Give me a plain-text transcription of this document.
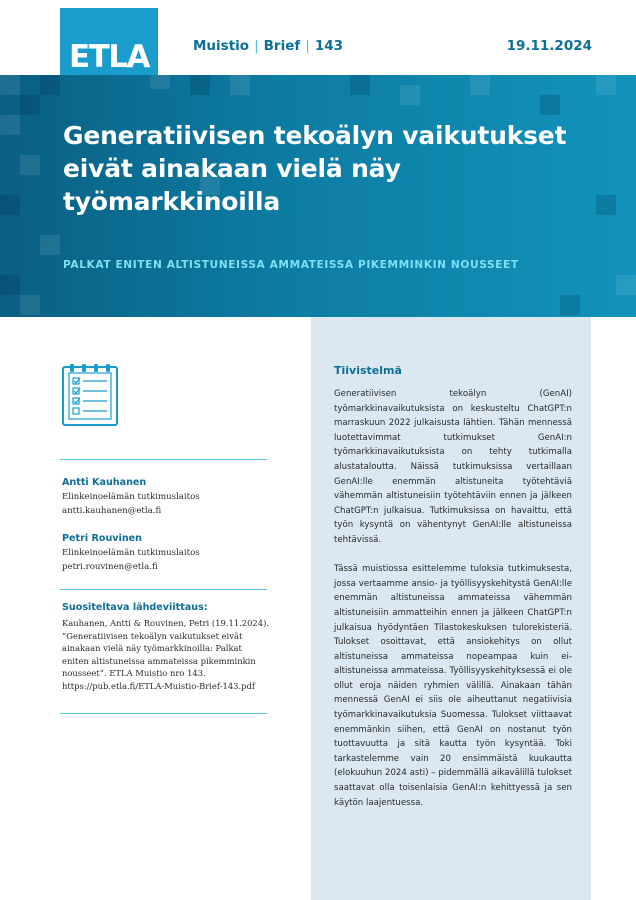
ETLA	Muistio | Brief | 143	19.11.2024
Generatiivisen tekoälyn vaikutukset
eivät ainakaan vielä näy
työmarkkinoilla
PALKAT ENITEN ALTISTUNEISSA AMMATEISSA PIKEMMINKIN NOUSSEET
Antti Kauhanen
Elinkeinoelämän tutkimuslaitos
antti.kauhanen@etla.fi
Petri Rouvinen
Elinkeinoelämän tutkimuslaitos
petri.rouvinen@etla.fi
Suositeltava lähdeviittaus:
Kauhanen, Antti & Rouvinen, Petri (19.11.2024).
”Generatiivisen tekoälyn vaikutukset eivät
ainakaan vielä näy työmarkkinoilla: Palkat
eniten altistuneissa ammateissa pikemminkin
nousseet”. ETLA Muistio nro 143.
https://pub.etla.fi/ETLA-Muistio-Brief-143.pdf
Tiivistelmä

Generatiivisen tekoälyn (GenAI) työmarkkinavaikutuksista on keskusteltu ChatGPT:n marraskuun 2022 julkaisusta lähtien. Tähän mennessä luotettavimmat tutkimukset GenAI:n työmarkkinavaikutuksista on tehty tutkimalla alustataloutta. Näissä tutkimuksissa vertaillaan GenAI:lle enemmän altistuneita työtehtäviä vähemmän altistuneisiin työtehtäviin ennen ja jälkeen ChatGPT:n julkaisua. Tutkimuksissa on havaittu, että työn kysyntä on vähentynyt GenAI:lle altistuneissa tehtävissä.

Tässä muistiossa esittelemme tuloksia tutkimuksesta, jossa vertaamme ansio- ja työllisyyskehitystä GenAI:lle enemmän altistuneissa ammateissa vähemmän altistuneisiin ammatteihin ennen ja jälkeen ChatGPT:n julkaisua hyödyntäen Tilastokeskuksen tulorekisteriä. Tulokset osoittavat, että ansiokehitys on ollut altistuneissa ammateissa nopeampaa kuin ei-altistuneissa ammateissa. Työllisyyskehityksessä ei ole ollut eroja näiden ryhmien välillä. Ainakaan tähän mennessä GenAI ei siis ole aiheuttanut negatiivisia työmarkkinavaikutuksia Suomessa. Tulokset viittaavat enemmänkin siihen, että GenAI on nostanut työn tuottavuutta ja sitä kautta työn kysyntää. Toki tarkastelemme vain 20 ensimmäistä kuukautta (elokuuhun 2024 asti) – pidemmällä aikavälillä tulokset saattavat olla toisenlaisia GenAI:n kehittyessä ja sen käytön laajentuessa.
